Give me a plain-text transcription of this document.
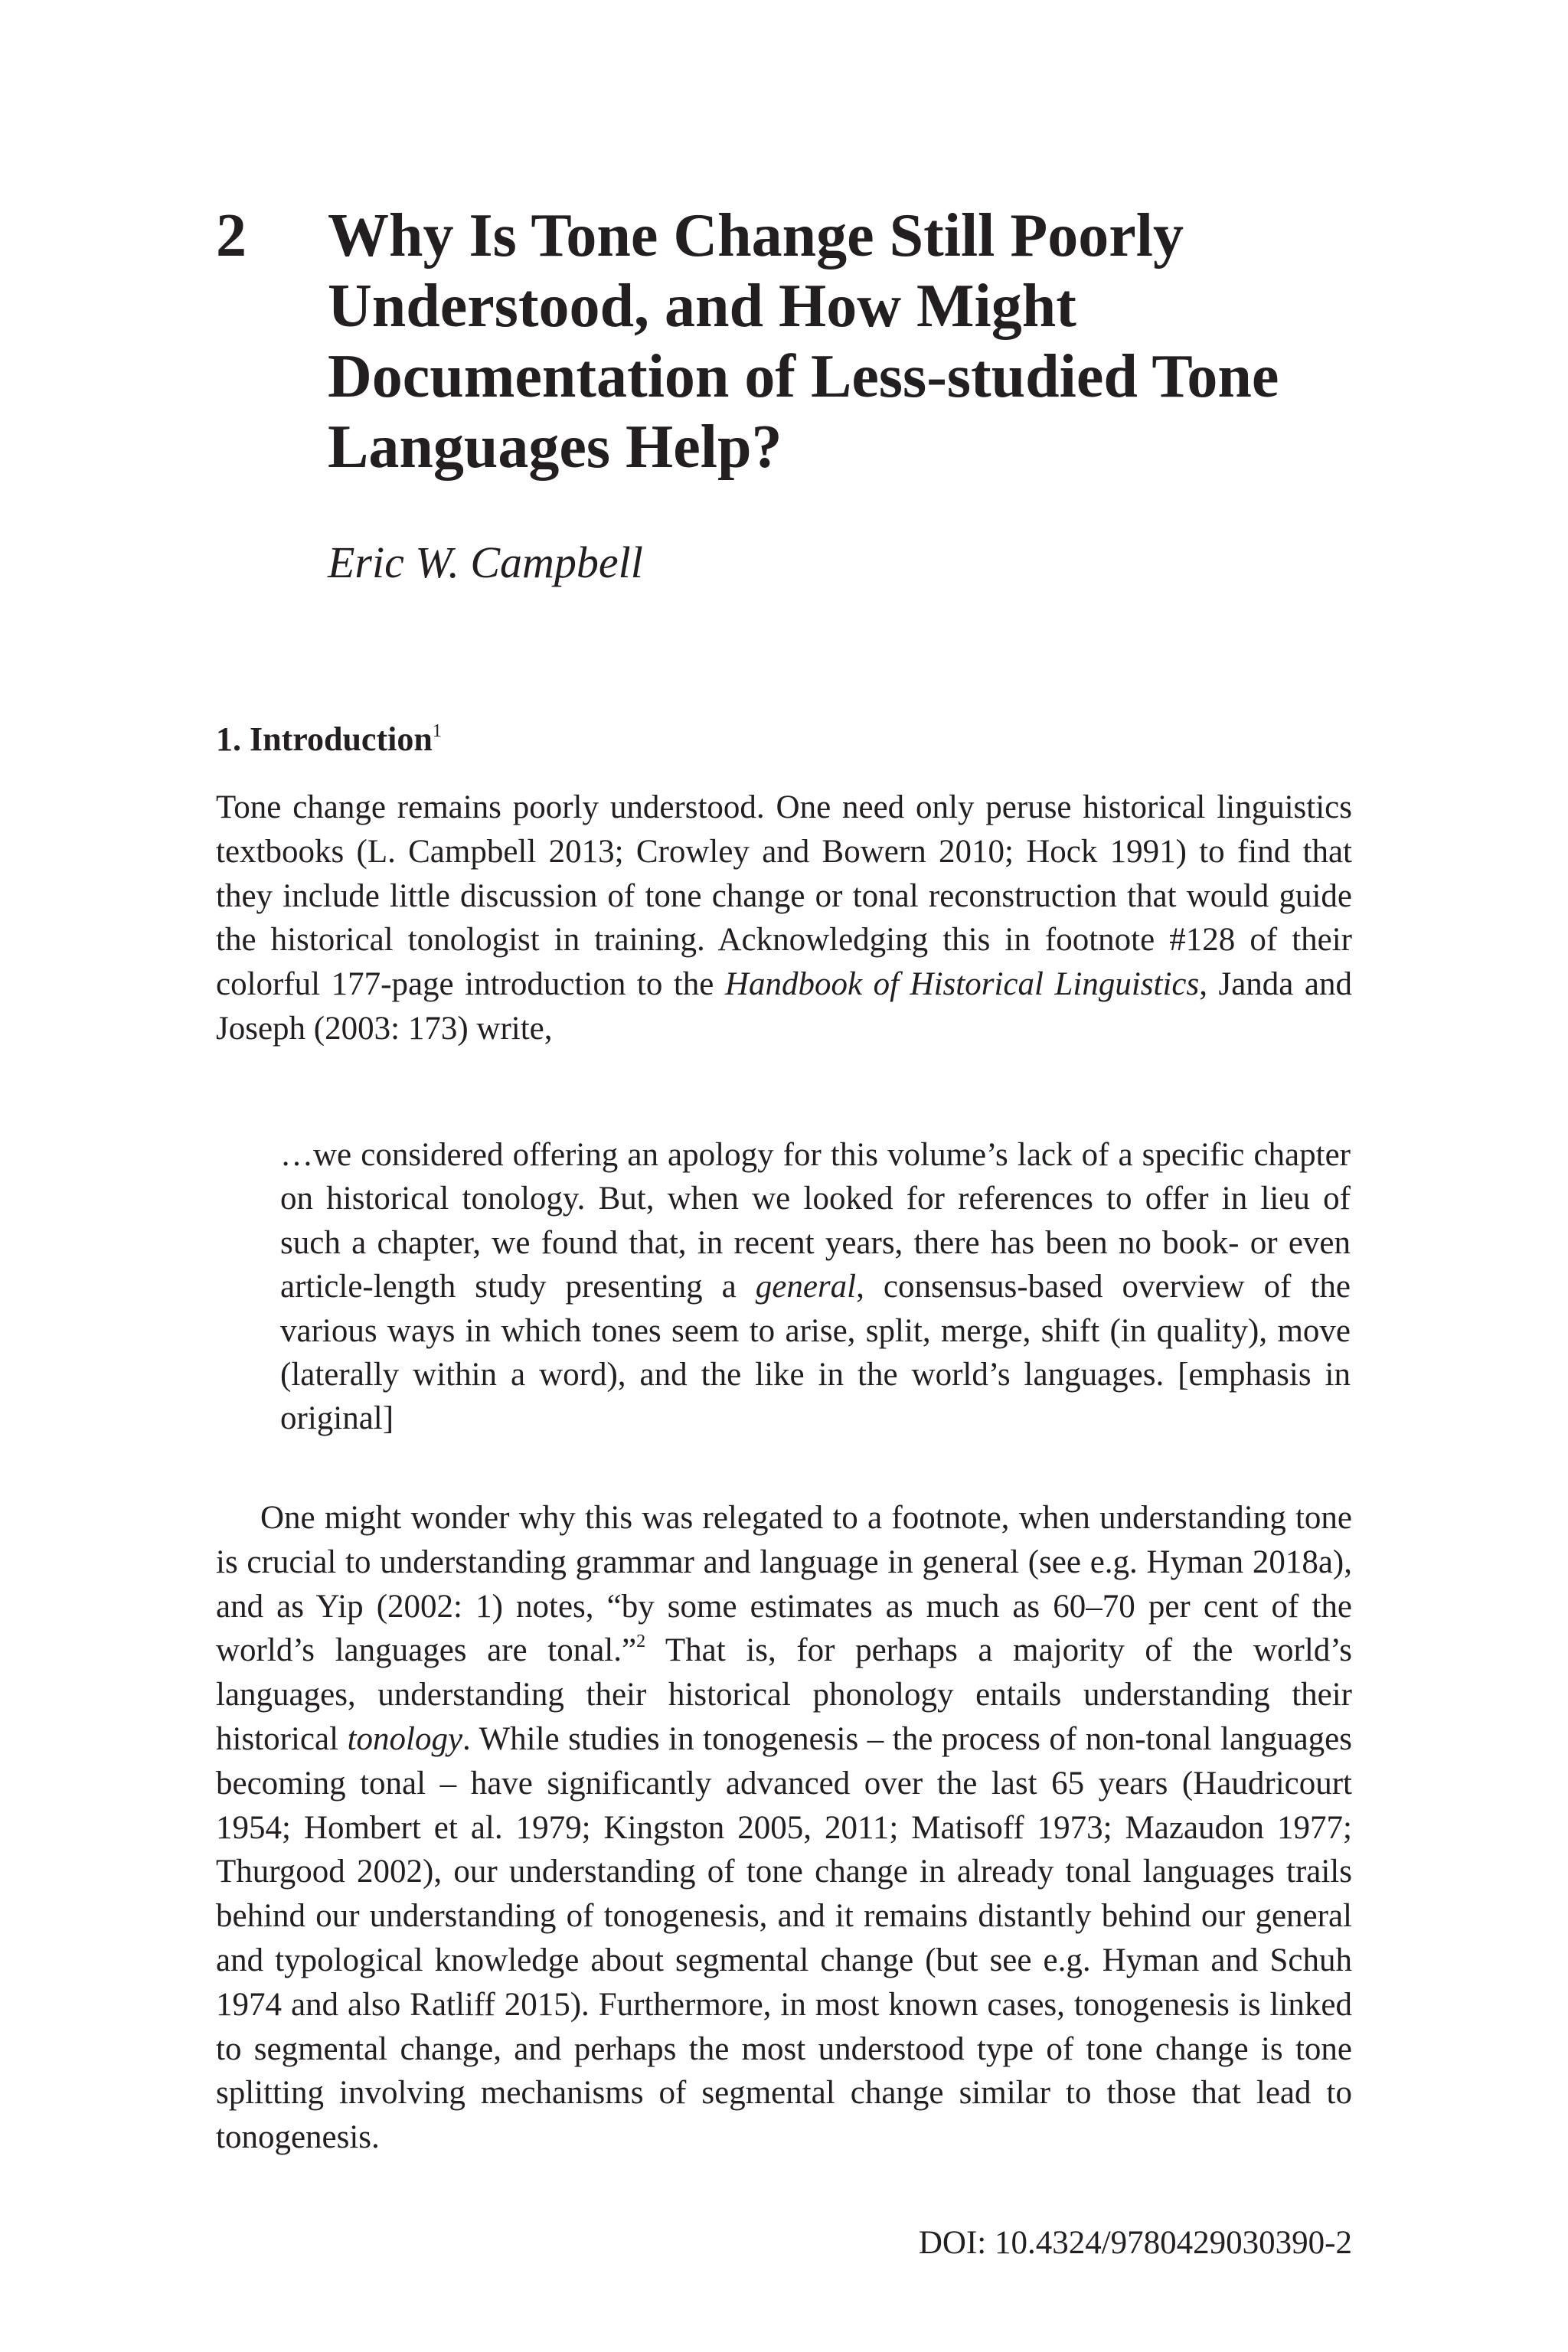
2 Why Is Tone Change Still Poorly Understood, and How Might Documentation of Less-studied Tone Languages Help?
Eric W. Campbell
1. Introduction$^1$

Tone change remains poorly understood. One need only peruse historical linguistics textbooks (L. Campbell 2013; Crowley and Bowern 2010; Hock 1991) to find that they include little discussion of tone change or tonal reconstruction that would guide the historical tonologist in training. Acknowledging this in footnote #128 of their colorful 177-page introduction to the Handbook of Historical Linguistics, Janda and Joseph (2003: 173) write,

…we considered offering an apology for this volume’s lack of a specific chapter on historical tonology. But, when we looked for references to offer in lieu of such a chapter, we found that, in recent years, there has been no book- or even article-length study presenting a general, consensus-based overview of the various ways in which tones seem to arise, split, merge, shift (in quality), move (laterally within a word), and the like in the world’s languages. [emphasis in original]

One might wonder why this was relegated to a footnote, when understanding tone is crucial to understanding grammar and language in general (see e.g. Hyman 2018a), and as Yip (2002: 1) notes, “by some estimates as much as 60–70 per cent of the world’s languages are tonal.”$^2$ That is, for perhaps a majority of the world’s languages, understanding their historical phonology entails understanding their historical tonology. While studies in tonogenesis – the process of non-tonal languages becoming tonal – have significantly advanced over the last 65 years (Haudricourt 1954; Hombert et al. 1979; Kingston 2005, 2011; Matisoff 1973; Mazaudon 1977; Thurgood 2002), our understanding of tone change in already tonal languages trails behind our understanding of tonogenesis, and it remains distantly behind our general and typological knowledge about segmental change (but see e.g. Hyman and Schuh 1974 and also Ratliff 2015). Furthermore, in most known cases, tonogenesis is linked to segmental change, and perhaps the most understood type of tone change is tone splitting involving mechanisms of segmental change similar to those that lead to tonogenesis.

DOI: 10.4324/9780429030390-2
